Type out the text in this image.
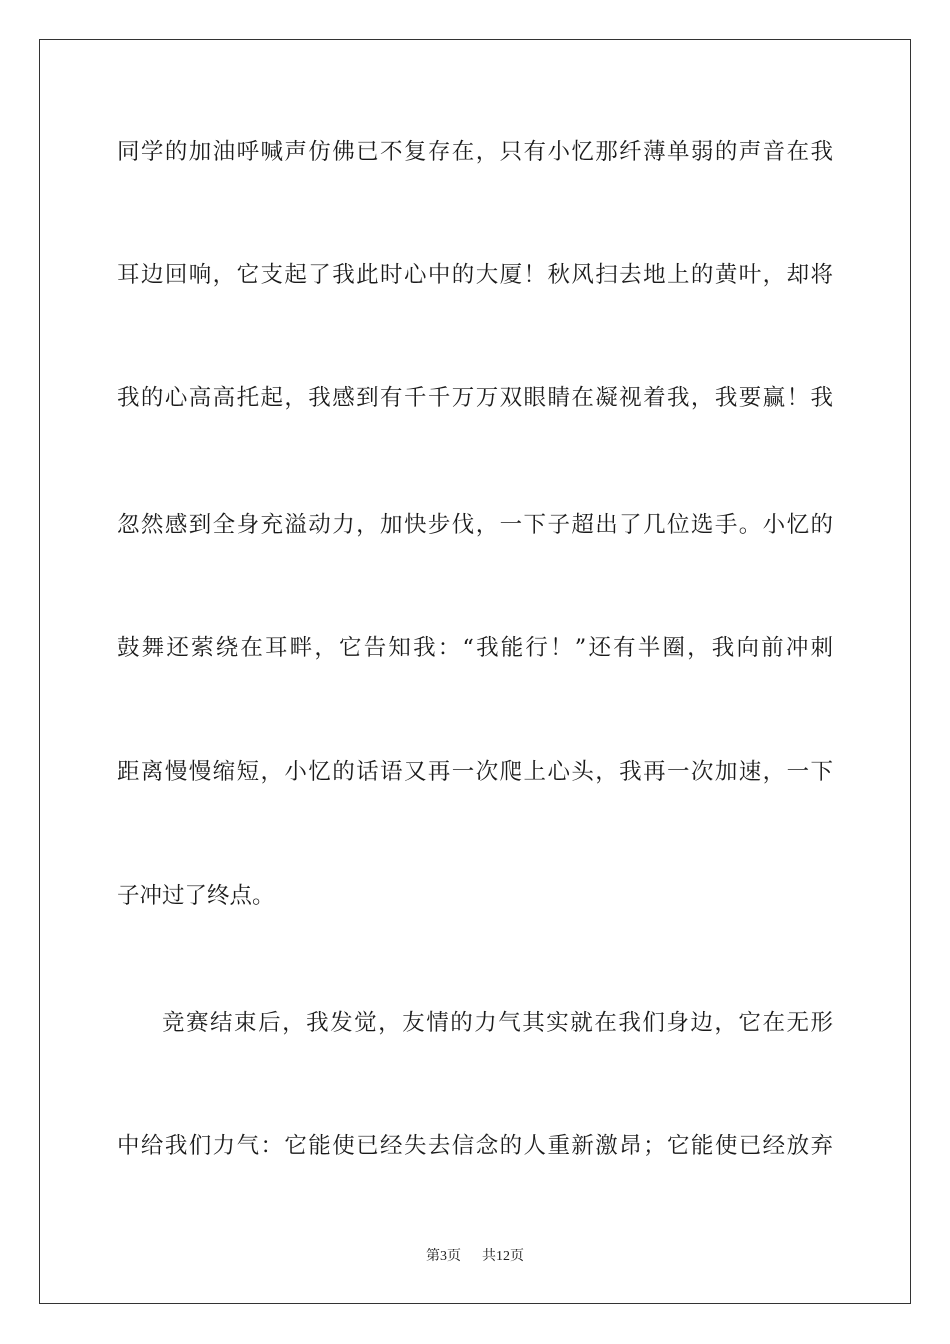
同学的加油呼喊声仿佛已不复存在，只有小忆那纤薄单弱的声音在我
耳边回响，它支起了我此时心中的大厦！秋风扫去地上的黄叶，却将
我的心高高托起，我感到有千千万万双眼睛在凝视着我，我要赢！我
忽然感到全身充溢动力，加快步伐，一下子超出了几位选手。小忆的
鼓舞还萦绕在耳畔，它告知我：“我能行！”还有半圈，我向前冲刺
距离慢慢缩短，小忆的话语又再一次爬上心头，我再一次加速，一下
子冲过了终点。
竞赛结束后，我发觉，友情的力气其实就在我们身边，它在无形
中给我们力气：它能使已经失去信念的人重新激昂；它能使已经放弃
第3页 共12页
